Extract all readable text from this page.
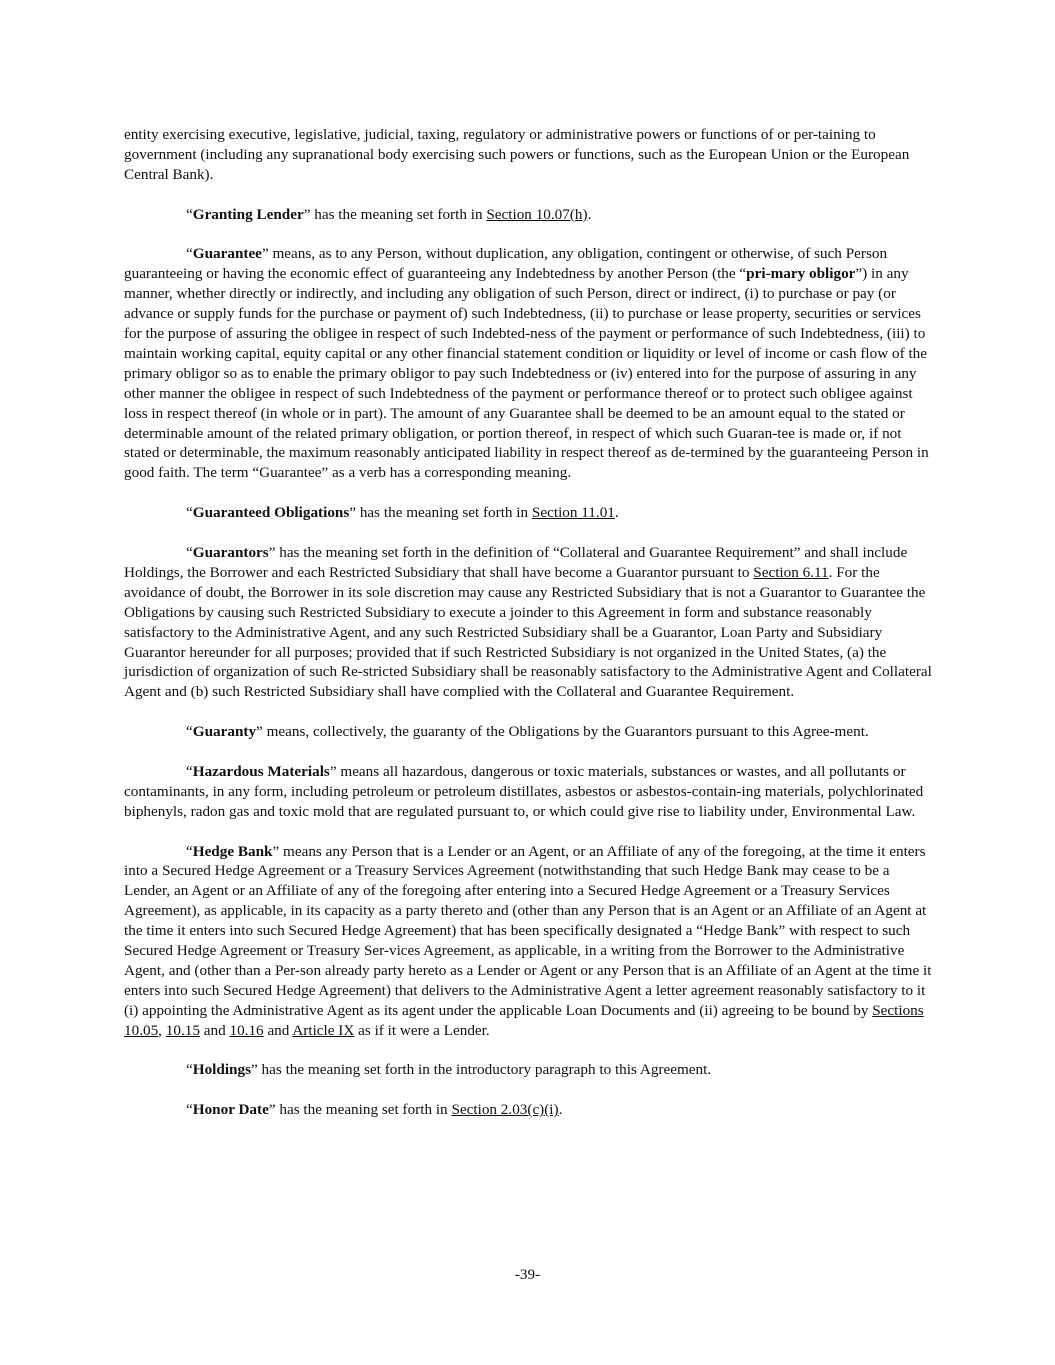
entity exercising executive, legislative, judicial, taxing, regulatory or administrative powers or functions of or per-taining to government (including any supranational body exercising such powers or functions, such as the European Union or the European Central Bank).

“Granting Lender” has the meaning set forth in Section 10.07(h).

“Guarantee” means, as to any Person, without duplication, any obligation, contingent or otherwise, of such Person guaranteeing or having the economic effect of guaranteeing any Indebtedness by another Person (the “pri-mary obligor”) in any manner, whether directly or indirectly, and including any obligation of such Person, direct or indirect, (i) to purchase or pay (or advance or supply funds for the purchase or payment of) such Indebtedness, (ii) to purchase or lease property, securities or services for the purpose of assuring the obligee in respect of such Indebted-ness of the payment or performance of such Indebtedness, (iii) to maintain working capital, equity capital or any other financial statement condition or liquidity or level of income or cash flow of the primary obligor so as to enable the primary obligor to pay such Indebtedness or (iv) entered into for the purpose of assuring in any other manner the obligee in respect of such Indebtedness of the payment or performance thereof or to protect such obligee against loss in respect thereof (in whole or in part). The amount of any Guarantee shall be deemed to be an amount equal to the stated or determinable amount of the related primary obligation, or portion thereof, in respect of which such Guaran-tee is made or, if not stated or determinable, the maximum reasonably anticipated liability in respect thereof as de-termined by the guaranteeing Person in good faith. The term “Guarantee” as a verb has a corresponding meaning.

“Guaranteed Obligations” has the meaning set forth in Section 11.01.

“Guarantors” has the meaning set forth in the definition of “Collateral and Guarantee Requirement” and shall include Holdings, the Borrower and each Restricted Subsidiary that shall have become a Guarantor pursuant to Section 6.11. For the avoidance of doubt, the Borrower in its sole discretion may cause any Restricted Subsidiary that is not a Guarantor to Guarantee the Obligations by causing such Restricted Subsidiary to execute a joinder to this Agreement in form and substance reasonably satisfactory to the Administrative Agent, and any such Restricted Subsidiary shall be a Guarantor, Loan Party and Subsidiary Guarantor hereunder for all purposes; provided that if such Restricted Subsidiary is not organized in the United States, (a) the jurisdiction of organization of such Re-stricted Subsidiary shall be reasonably satisfactory to the Administrative Agent and Collateral Agent and (b) such Restricted Subsidiary shall have complied with the Collateral and Guarantee Requirement.

“Guaranty” means, collectively, the guaranty of the Obligations by the Guarantors pursuant to this Agree-ment.

“Hazardous Materials” means all hazardous, dangerous or toxic materials, substances or wastes, and all pollutants or contaminants, in any form, including petroleum or petroleum distillates, asbestos or asbestos-contain-ing materials, polychlorinated biphenyls, radon gas and toxic mold that are regulated pursuant to, or which could give rise to liability under, Environmental Law.

“Hedge Bank” means any Person that is a Lender or an Agent, or an Affiliate of any of the foregoing, at the time it enters into a Secured Hedge Agreement or a Treasury Services Agreement (notwithstanding that such Hedge Bank may cease to be a Lender, an Agent or an Affiliate of any of the foregoing after entering into a Secured Hedge Agreement or a Treasury Services Agreement), as applicable, in its capacity as a party thereto and (other than any Person that is an Agent or an Affiliate of an Agent at the time it enters into such Secured Hedge Agreement) that has been specifically designated a “Hedge Bank” with respect to such Secured Hedge Agreement or Treasury Ser-vices Agreement, as applicable, in a writing from the Borrower to the Administrative Agent, and (other than a Per-son already party hereto as a Lender or Agent or any Person that is an Affiliate of an Agent at the time it enters into such Secured Hedge Agreement) that delivers to the Administrative Agent a letter agreement reasonably satisfactory to it (i) appointing the Administrative Agent as its agent under the applicable Loan Documents and (ii) agreeing to be bound by Sections 10.05, 10.15 and 10.16 and Article IX as if it were a Lender.

“Holdings” has the meaning set forth in the introductory paragraph to this Agreement.

“Honor Date” has the meaning set forth in Section 2.03(c)(i).

-39-
